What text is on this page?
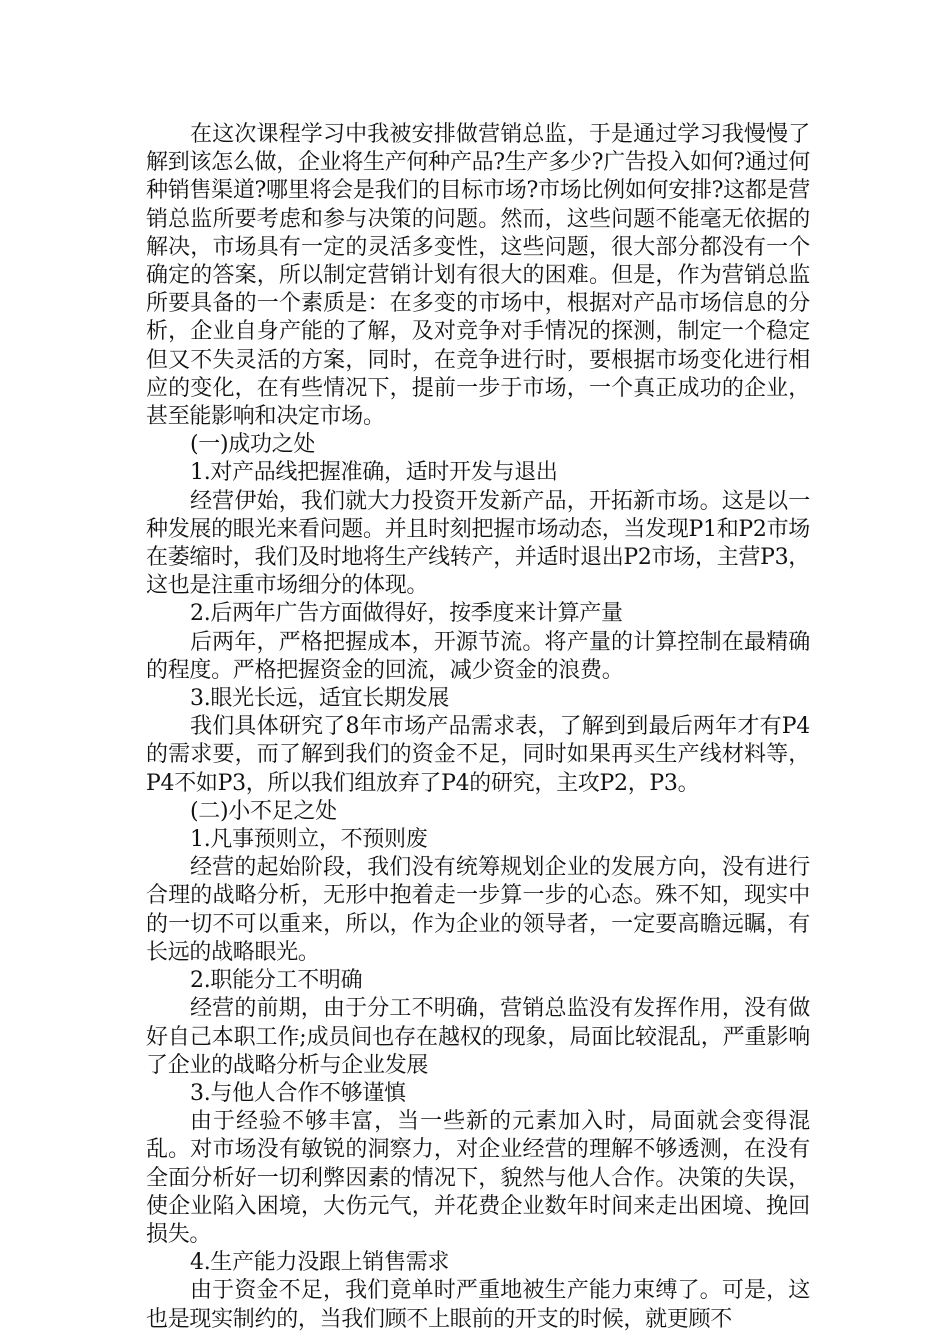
在这次课程学习中我被安排做营销总监，于是通过学习我慢慢了解到该怎么做，企业将生产何种产品?生产多少?广告投入如何?通过何种销售渠道?哪里将会是我们的目标市场?市场比例如何安排?这都是营销总监所要考虑和参与决策的问题。然而，这些问题不能毫无依据的解决，市场具有一定的灵活多变性，这些问题，很大部分都没有一个确定的答案，所以制定营销计划有很大的困难。但是，作为营销总监所要具备的一个素质是：在多变的市场中，根据对产品市场信息的分析，企业自身产能的了解，及对竞争对手情况的探测，制定一个稳定但又不失灵活的方案，同时，在竞争进行时，要根据市场变化进行相应的变化，在有些情况下，提前一步于市场，一个真正成功的企业，甚至能影响和决定市场。

(一)成功之处

1.对产品线把握准确，适时开发与退出

经营伊始，我们就大力投资开发新产品，开拓新市场。这是以一种发展的眼光来看问题。并且时刻把握市场动态，当发现P1和P2市场在萎缩时，我们及时地将生产线转产，并适时退出P2市场，主营P3，这也是注重市场细分的体现。

2.后两年广告方面做得好，按季度来计算产量

后两年，严格把握成本，开源节流。将产量的计算控制在最精确的程度。严格把握资金的回流，减少资金的浪费。

3.眼光长远，适宜长期发展

我们具体研究了8年市场产品需求表，了解到到最后两年才有P4的需求要，而了解到我们的资金不足，同时如果再买生产线材料等，P4不如P3，所以我们组放弃了P4的研究，主攻P2，P3。

(二)小不足之处

1.凡事预则立，不预则废

经营的起始阶段，我们没有统筹规划企业的发展方向，没有进行合理的战略分析，无形中抱着走一步算一步的心态。殊不知，现实中的一切不可以重来，所以，作为企业的领导者，一定要高瞻远瞩，有长远的战略眼光。

2.职能分工不明确

经营的前期，由于分工不明确，营销总监没有发挥作用，没有做好自己本职工作;成员间也存在越权的现象，局面比较混乱，严重影响了企业的战略分析与企业发展

3.与他人合作不够谨慎

由于经验不够丰富，当一些新的元素加入时，局面就会变得混乱。对市场没有敏锐的洞察力，对企业经营的理解不够透测，在没有全面分析好一切利弊因素的情况下，貌然与他人合作。决策的失误，使企业陷入困境，大伤元气，并花费企业数年时间来走出困境、挽回损失。

4.生产能力没跟上销售需求

由于资金不足，我们竟单时严重地被生产能力束缚了。可是，这也是现实制约的，当我们顾不上眼前的开支的时候，就更顾不
